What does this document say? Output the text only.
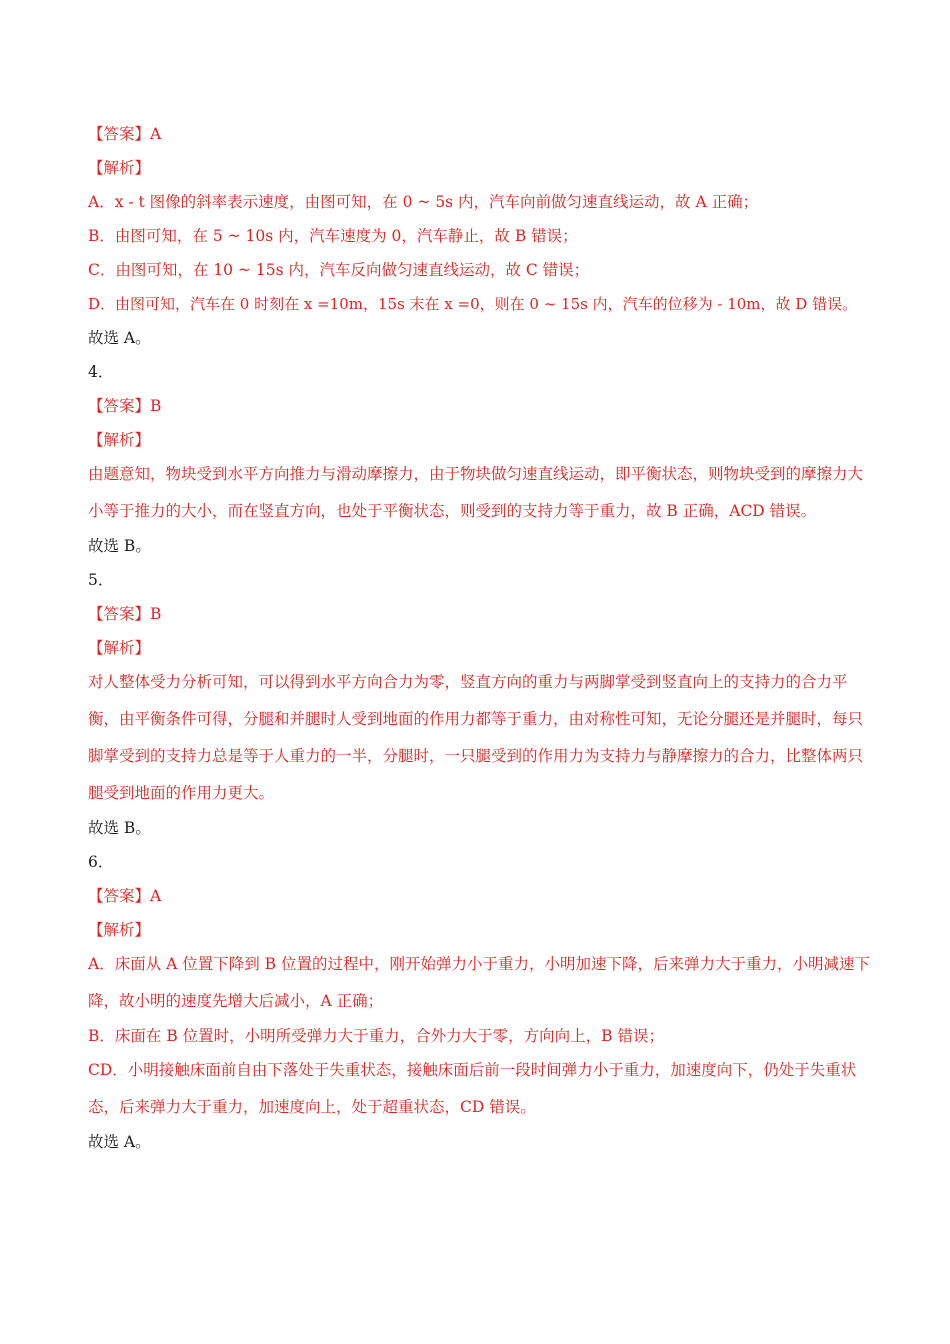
【答案】A
【解析】
A．x - t 图像的斜率表示速度，由图可知，在 0 ~ 5s 内，汽车向前做匀速直线运动，故 A 正确；
B．由图可知，在 5 ~ 10s 内，汽车速度为 0，汽车静止，故 B 错误；
C．由图可知，在 10 ~ 15s 内，汽车反向做匀速直线运动，故 C 错误；
D．由图可知，汽车在 0 时刻在 x =10m，15s 末在 x =0，则在 0 ~ 15s 内，汽车的位移为 - 10m，故 D 错误。
故选 A。
4．
【答案】B
【解析】
由题意知，物块受到水平方向推力与滑动摩擦力，由于物块做匀速直线运动，即平衡状态，则物块受到的摩擦力大小等于推力的大小，而在竖直方向，也处于平衡状态，则受到的支持力等于重力，故 B 正确，ACD 错误。
故选 B。
5．
【答案】B
【解析】
对人整体受力分析可知，可以得到水平方向合力为零，竖直方向的重力与两脚掌受到竖直向上的支持力的合力平衡，由平衡条件可得，分腿和并腿时人受到地面的作用力都等于重力，由对称性可知，无论分腿还是并腿时，每只脚掌受到的支持力总是等于人重力的一半，分腿时，一只腿受到的作用力为支持力与静摩擦力的合力，比整体两只腿受到地面的作用力更大。
故选 B。
6．
【答案】A
【解析】
A．床面从 A 位置下降到 B 位置的过程中，刚开始弹力小于重力，小明加速下降，后来弹力大于重力，小明减速下降，故小明的速度先增大后减小，A 正确；
B．床面在 B 位置时，小明所受弹力大于重力，合外力大于零，方向向上，B 错误；
CD．小明接触床面前自由下落处于失重状态，接触床面后前一段时间弹力小于重力，加速度向下，仍处于失重状态，后来弹力大于重力，加速度向上，处于超重状态，CD 错误。
故选 A。
